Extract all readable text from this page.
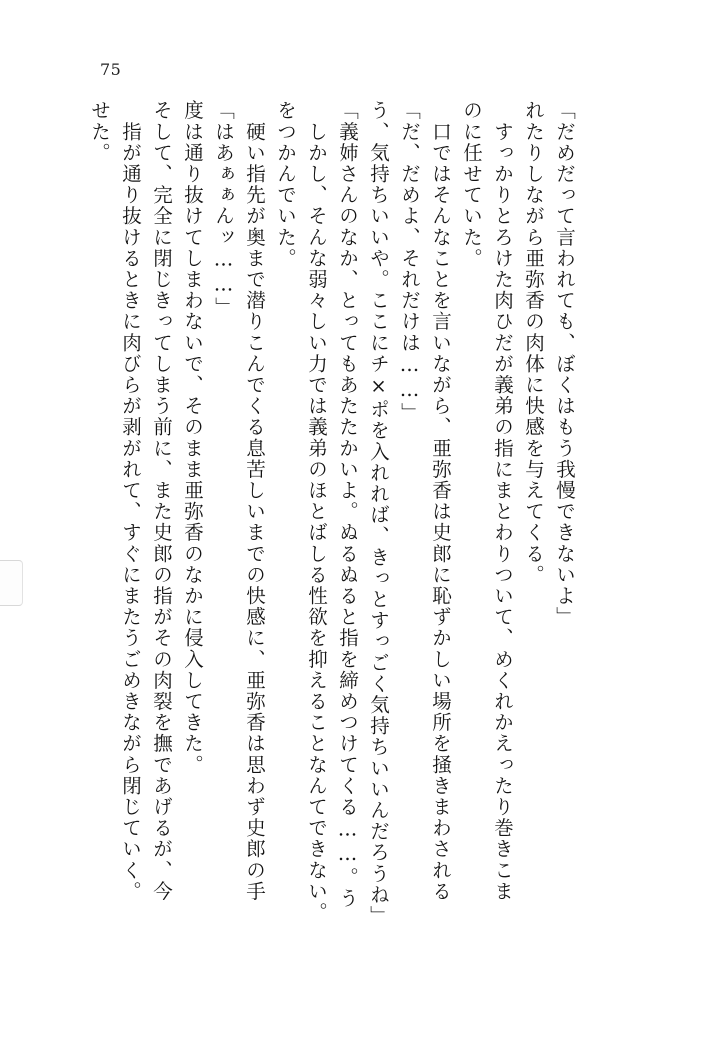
75
せた。 　指が通り抜けるときに肉びらが剥がれて、すぐにまたうごめきながら閉じていく。 そして、完全に閉じきってしまう前に、また史郎の指がその肉裂を撫であげるが、今 度は通り抜けてしまわないで、そのまま亜弥香のなかに侵入してきた。 「はあぁぁんッ……」 　硬い指先が奥まで潜りこんでくる息苦しいまでの快感に、亜弥香は思わず史郎の手 をつかんでいた。 　しかし、そんな弱々しい力では義弟のほとばしる性欲を抑えることなんてできない。 「義姉さんのなか、とってもあたたかいよ。ぬるぬると指を締めつけてくる……。う う、気持ちいいや。ここにチ×ポを入れれば、きっとすっごく気持ちいいんだろうね」 「だ、だめよ、それだけは……」 　口ではそんなことを言いながら、亜弥香は史郎に恥ずかしい場所を掻きまわされる のに任せていた。 　すっかりとろけた肉ひだが義弟の指にまとわりついて、めくれかえったり巻きこま れたりしながら亜弥香の肉体に快感を与えてくる。 「だめだって言われても、ぼくはもう我慢できないよ」
